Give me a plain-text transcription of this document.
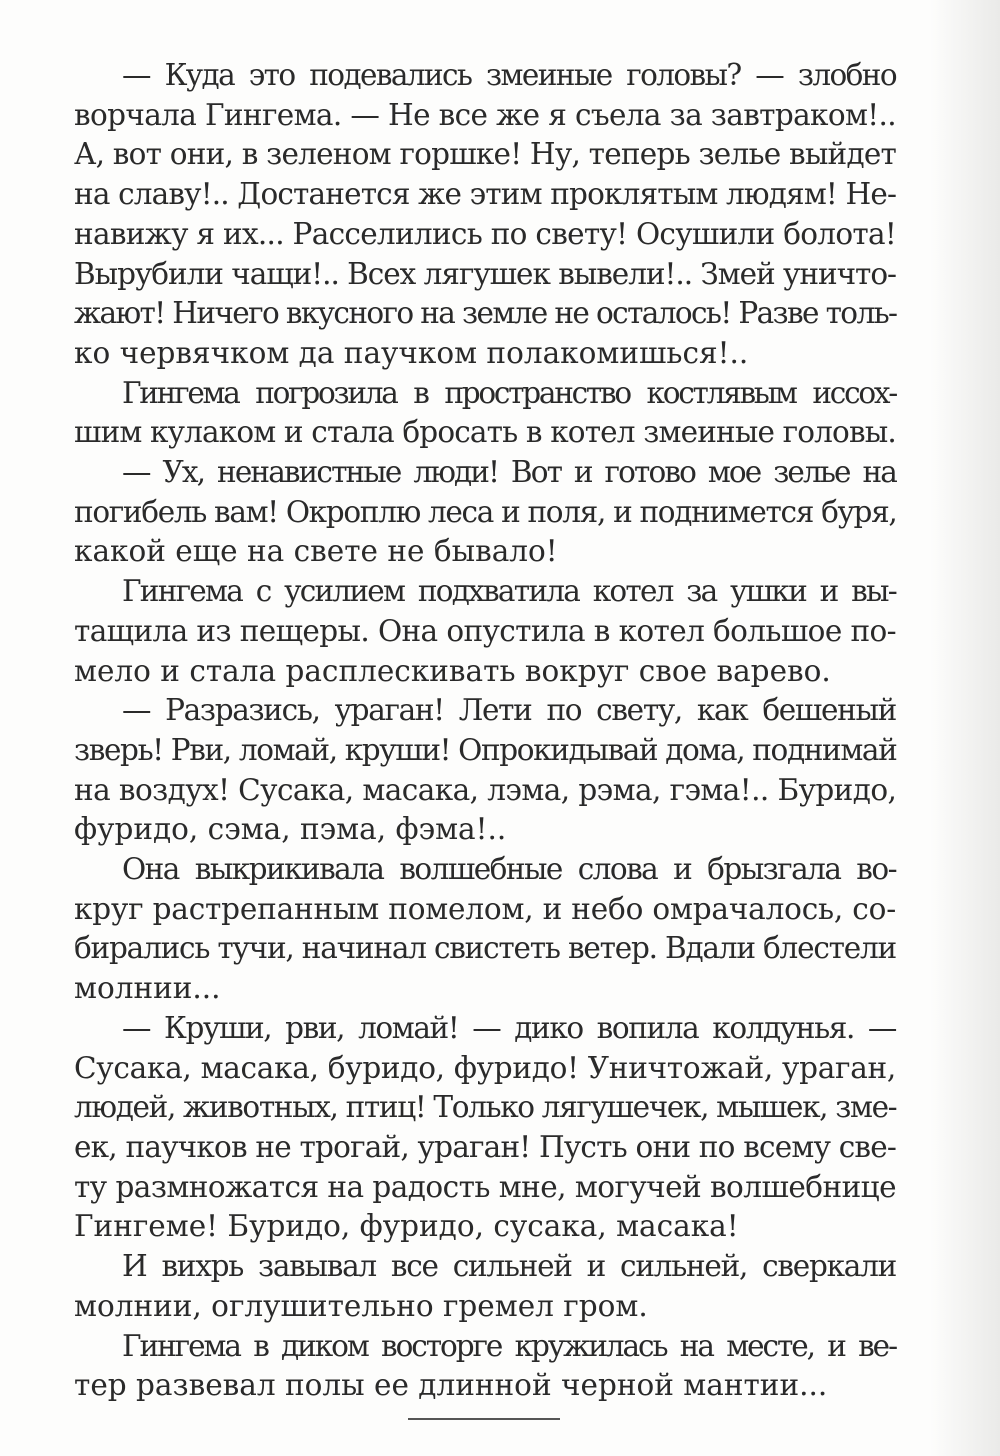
— Куда это подевались змеиные головы? — злобно
ворчала Гингема. — Не все же я съела за завтраком!..
А, вот они, в зеленом горшке! Ну, теперь зелье выйдет
на славу!.. Достанется же этим проклятым людям! Не-
навижу я их... Расселились по свету! Осушили болота!
Вырубили чащи!.. Всех лягушек вывели!.. Змей уничто-
жают! Ничего вкусного на земле не осталось! Разве толь-
ко червячком да паучком полакомишься!..

Гингема погрозила в пространство костлявым иссох-
шим кулаком и стала бросать в котел змеиные головы.

— Ух, ненавистные люди! Вот и готово мое зелье на
погибель вам! Окроплю леса и поля, и поднимется буря,
какой еще на свете не бывало!

Гингема с усилием подхватила котел за ушки и вы-
тащила из пещеры. Она опустила в котел большое по-
мело и стала расплескивать вокруг свое варево.

— Разразись, ураган! Лети по свету, как бешеный
зверь! Рви, ломай, круши! Опрокидывай дома, поднимай
на воздух! Сусака, масака, лэма, рэма, гэма!.. Буридо,
фуридо, сэма, пэма, фэма!..

Она выкрикивала волшебные слова и брызгала во-
круг растрепанным помелом, и небо омрачалось, со-
бирались тучи, начинал свистеть ветер. Вдали блестели
молнии...

— Круши, рви, ломай! — дико вопила колдунья. —
Сусака, масака, буридо, фуридо! Уничтожай, ураган,
людей, животных, птиц! Только лягушечек, мышек, зме-
ек, паучков не трогай, ураган! Пусть они по всему све-
ту размножатся на радость мне, могучей волшебнице
Гингеме! Буридо, фуридо, сусака, масака!

И вихрь завывал все сильней и сильней, сверкали
молнии, оглушительно гремел гром.

Гингема в диком восторге кружилась на месте, и ве-
тер развевал полы ее длинной черной мантии...
